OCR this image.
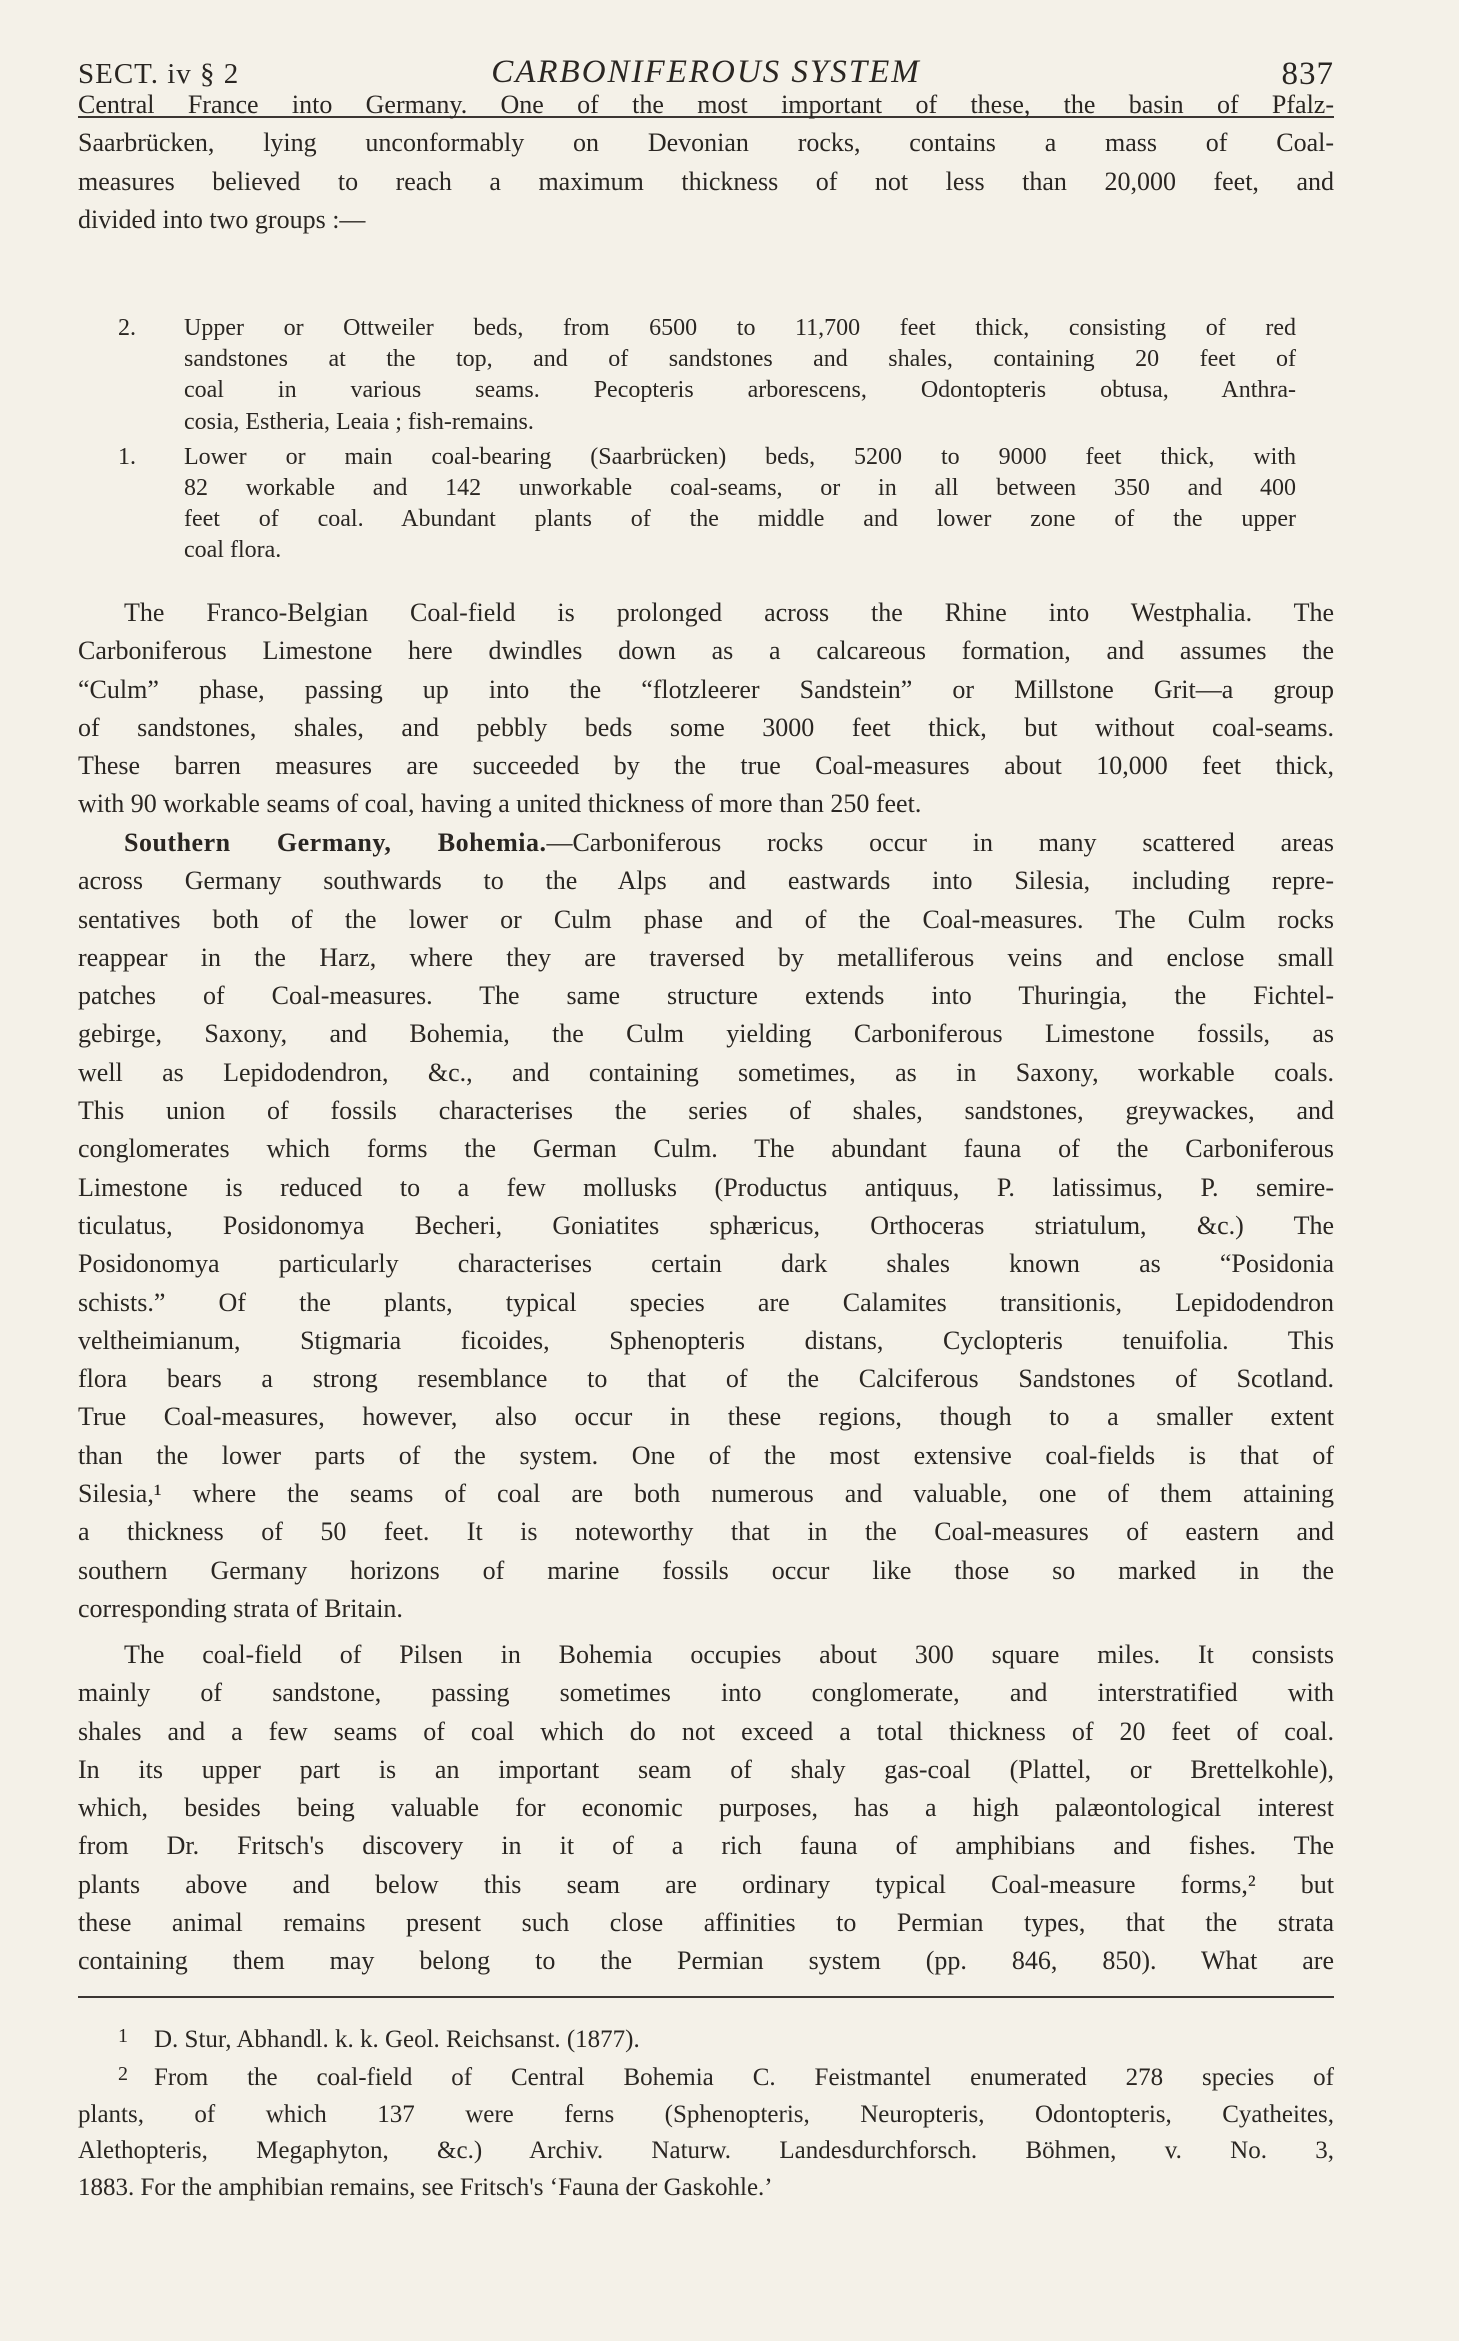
SECT. iv § 2	CARBONIFEROUS SYSTEM	837
Central France into Germany. One of the most important of these, the basin of Pfalz-
Saarbrücken, lying unconformably on Devonian rocks, contains a mass of Coal-
measures believed to reach a maximum thickness of not less than 20,000 feet, and
divided into two groups :—
2. Upper or Ottweiler beds, from 6500 to 11,700 feet thick, consisting of red
sandstones at the top, and of sandstones and shales, containing 20 feet of
coal in various seams. Pecopteris arborescens, Odontopteris obtusa, Anthra-
cosia, Estheria, Leaia ; fish-remains.
1. Lower or main coal-bearing (Saarbrücken) beds, 5200 to 9000 feet thick, with
82 workable and 142 unworkable coal-seams, or in all between 350 and 400
feet of coal. Abundant plants of the middle and lower zone of the upper
coal flora.
The Franco-Belgian Coal-field is prolonged across the Rhine into Westphalia. The
Carboniferous Limestone here dwindles down as a calcareous formation, and assumes the
“Culm” phase, passing up into the “flotzleerer Sandstein” or Millstone Grit—a group
of sandstones, shales, and pebbly beds some 3000 feet thick, but without coal-seams.
These barren measures are succeeded by the true Coal-measures about 10,000 feet thick,
with 90 workable seams of coal, having a united thickness of more than 250 feet.
Southern Germany, Bohemia.—Carboniferous rocks occur in many scattered areas
across Germany southwards to the Alps and eastwards into Silesia, including repre-
sentatives both of the lower or Culm phase and of the Coal-measures. The Culm rocks
reappear in the Harz, where they are traversed by metalliferous veins and enclose small
patches of Coal-measures. The same structure extends into Thuringia, the Fichtel-
gebirge, Saxony, and Bohemia, the Culm yielding Carboniferous Limestone fossils, as
well as Lepidodendron, &c., and containing sometimes, as in Saxony, workable coals.
This union of fossils characterises the series of shales, sandstones, greywackes, and
conglomerates which forms the German Culm. The abundant fauna of the Carboniferous
Limestone is reduced to a few mollusks (Productus antiquus, P. latissimus, P. semire-
ticulatus, Posidonomya Becheri, Goniatites sphæricus, Orthoceras striatulum, &c.) The
Posidonomya particularly characterises certain dark shales known as “Posidonia
schists.” Of the plants, typical species are Calamites transitionis, Lepidodendron
veltheimianum, Stigmaria ficoides, Sphenopteris distans, Cyclopteris tenuifolia. This
flora bears a strong resemblance to that of the Calciferous Sandstones of Scotland.
True Coal-measures, however, also occur in these regions, though to a smaller extent
than the lower parts of the system. One of the most extensive coal-fields is that of
Silesia,¹ where the seams of coal are both numerous and valuable, one of them attaining
a thickness of 50 feet. It is noteworthy that in the Coal-measures of eastern and
southern Germany horizons of marine fossils occur like those so marked in the
corresponding strata of Britain.
The coal-field of Pilsen in Bohemia occupies about 300 square miles. It consists
mainly of sandstone, passing sometimes into conglomerate, and interstratified with
shales and a few seams of coal which do not exceed a total thickness of 20 feet of coal.
In its upper part is an important seam of shaly gas-coal (Plattel, or Brettelkohle),
which, besides being valuable for economic purposes, has a high palæontological interest
from Dr. Fritsch's discovery in it of a rich fauna of amphibians and fishes. The
plants above and below this seam are ordinary typical Coal-measure forms,² but
these animal remains present such close affinities to Permian types, that the strata
containing them may belong to the Permian system (pp. 846, 850). What are
1	D. Stur, Abhandl. k. k. Geol. Reichsanst. (1877).
2	From the coal-field of Central Bohemia C. Feistmantel enumerated 278 species of
plants, of which 137 were ferns (Sphenopteris, Neuropteris, Odontopteris, Cyatheites,
Alethopteris, Megaphyton, &c.) Archiv. Naturw. Landesdurchforsch. Böhmen, v. No. 3,
1883. For the amphibian remains, see Fritsch's ‘Fauna der Gaskohle.’
